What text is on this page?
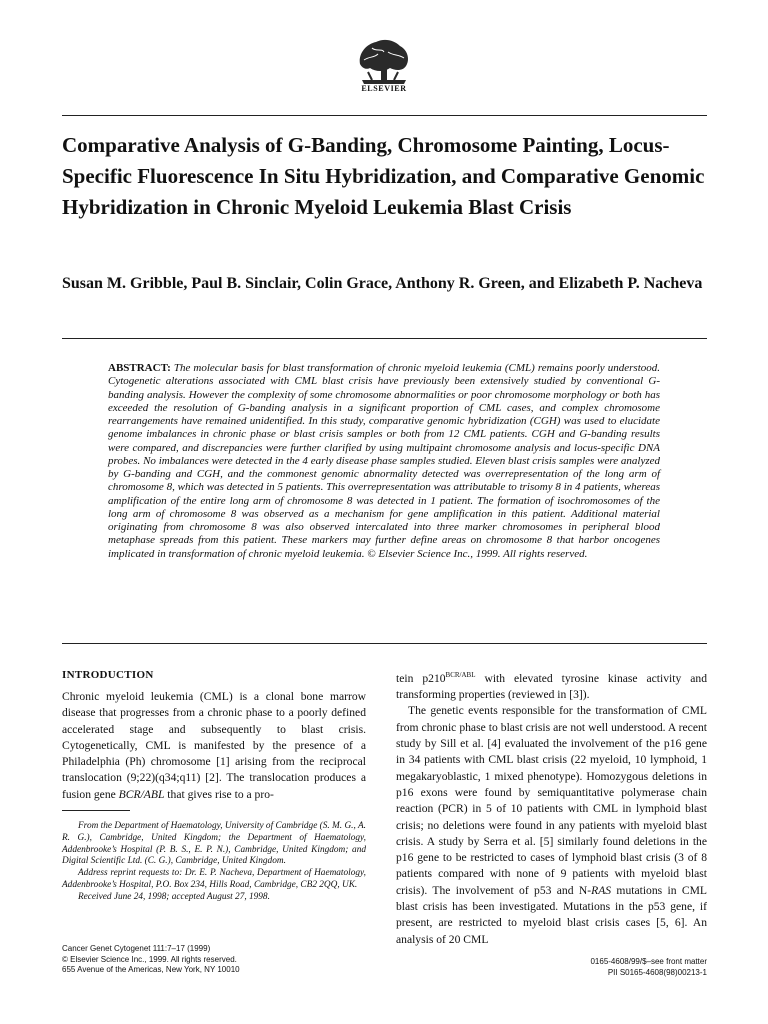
ELSEVIER
Comparative Analysis of G-Banding, Chromosome Painting, Locus-Specific Fluorescence In Situ Hybridization, and Comparative Genomic Hybridization in Chronic Myeloid Leukemia Blast Crisis

Susan M. Gribble, Paul B. Sinclair, Colin Grace, Anthony R. Green, and Elizabeth P. Nacheva

ABSTRACT: The molecular basis for blast transformation of chronic myeloid leukemia (CML) remains poorly understood. Cytogenetic alterations associated with CML blast crisis have previously been extensively studied by conventional G-banding analysis. However the complexity of some chromosome abnormalities or poor chromosome morphology or both has exceeded the resolution of G-banding analysis in a significant proportion of CML cases, and complex chromosome rearrangements have remained unidentified. In this study, comparative genomic hybridization (CGH) was used to elucidate genome imbalances in chronic phase or blast crisis samples or both from 12 CML patients. CGH and G-banding results were compared, and discrepancies were further clarified by using multipaint chromosome analysis and locus-specific DNA probes. No imbalances were detected in the 4 early disease phase samples studied. Eleven blast crisis samples were analyzed by G-banding and CGH, and the commonest genomic abnormality detected was overrepresentation of the long arm of chromosome 8, which was detected in 5 patients. This overrepresentation was attributable to trisomy 8 in 4 patients, whereas amplification of the entire long arm of chromosome 8 was detected in 1 patient. The formation of isochromosomes of the long arm of chromosome 8 was observed as a mechanism for gene amplification in this patient. Additional material originating from chromosome 8 was also observed intercalated into three marker chromosomes in peripheral blood metaphase spreads from this patient. These markers may further define areas on chromosome 8 that harbor oncogenes implicated in transformation of chronic myeloid leukemia. © Elsevier Science Inc., 1999. All rights reserved.

INTRODUCTION

Chronic myeloid leukemia (CML) is a clonal bone marrow disease that progresses from a chronic phase to a poorly defined accelerated stage and subsequently to blast crisis. Cytogenetically, CML is manifested by the presence of a Philadelphia (Ph) chromosome [1] arising from the reciprocal translocation (9;22)(q34;q11) [2]. The translocation produces a fusion gene BCR/ABL that gives rise to a pro-

From the Department of Haematology, University of Cambridge (S. M. G., A. R. G.), Cambridge, United Kingdom; the Department of Haematology, Addenbrooke’s Hospital (P. B. S., E. P. N.), Cambridge, United Kingdom; and Digital Scientific Ltd. (C. G.), Cambridge, United Kingdom.

Address reprint requests to: Dr. E. P. Nacheva, Department of Haematology, Addenbrooke’s Hospital, P.O. Box 234, Hills Road, Cambridge, CB2 2QQ, UK.

Received June 24, 1998; accepted August 27, 1998.

tein $p210^{BCR/ABL}$ with elevated tyrosine kinase activity and transforming properties (reviewed in [3]).

The genetic events responsible for the transformation of CML from chronic phase to blast crisis are not well understood. A recent study by Sill et al. [4] evaluated the involvement of the p16 gene in 34 patients with CML blast crisis (22 myeloid, 10 lymphoid, 1 megakaryoblastic, 1 mixed phenotype). Homozygous deletions in p16 exons were found by semiquantitative polymerase chain reaction (PCR) in 5 of 10 patients with CML in lymphoid blast crisis; no deletions were found in any patients with myeloid blast crisis. A study by Serra et al. [5] similarly found deletions in the p16 gene to be restricted to cases of lymphoid blast crisis (3 of 8 patients compared with none of 9 patients with myeloid blast crisis). The involvement of p53 and N-RAS mutations in CML blast crisis has been investigated. Mutations in the p53 gene, if present, are restricted to myeloid blast crisis cases [5, 6]. An analysis of 20 CML

Cancer Genet Cytogenet 111:7–17 (1999)
© Elsevier Science Inc., 1999. All rights reserved.
655 Avenue of the Americas, New York, NY 10010
0165-4608/99/$–see front matter
PII S0165-4608(98)00213-1
